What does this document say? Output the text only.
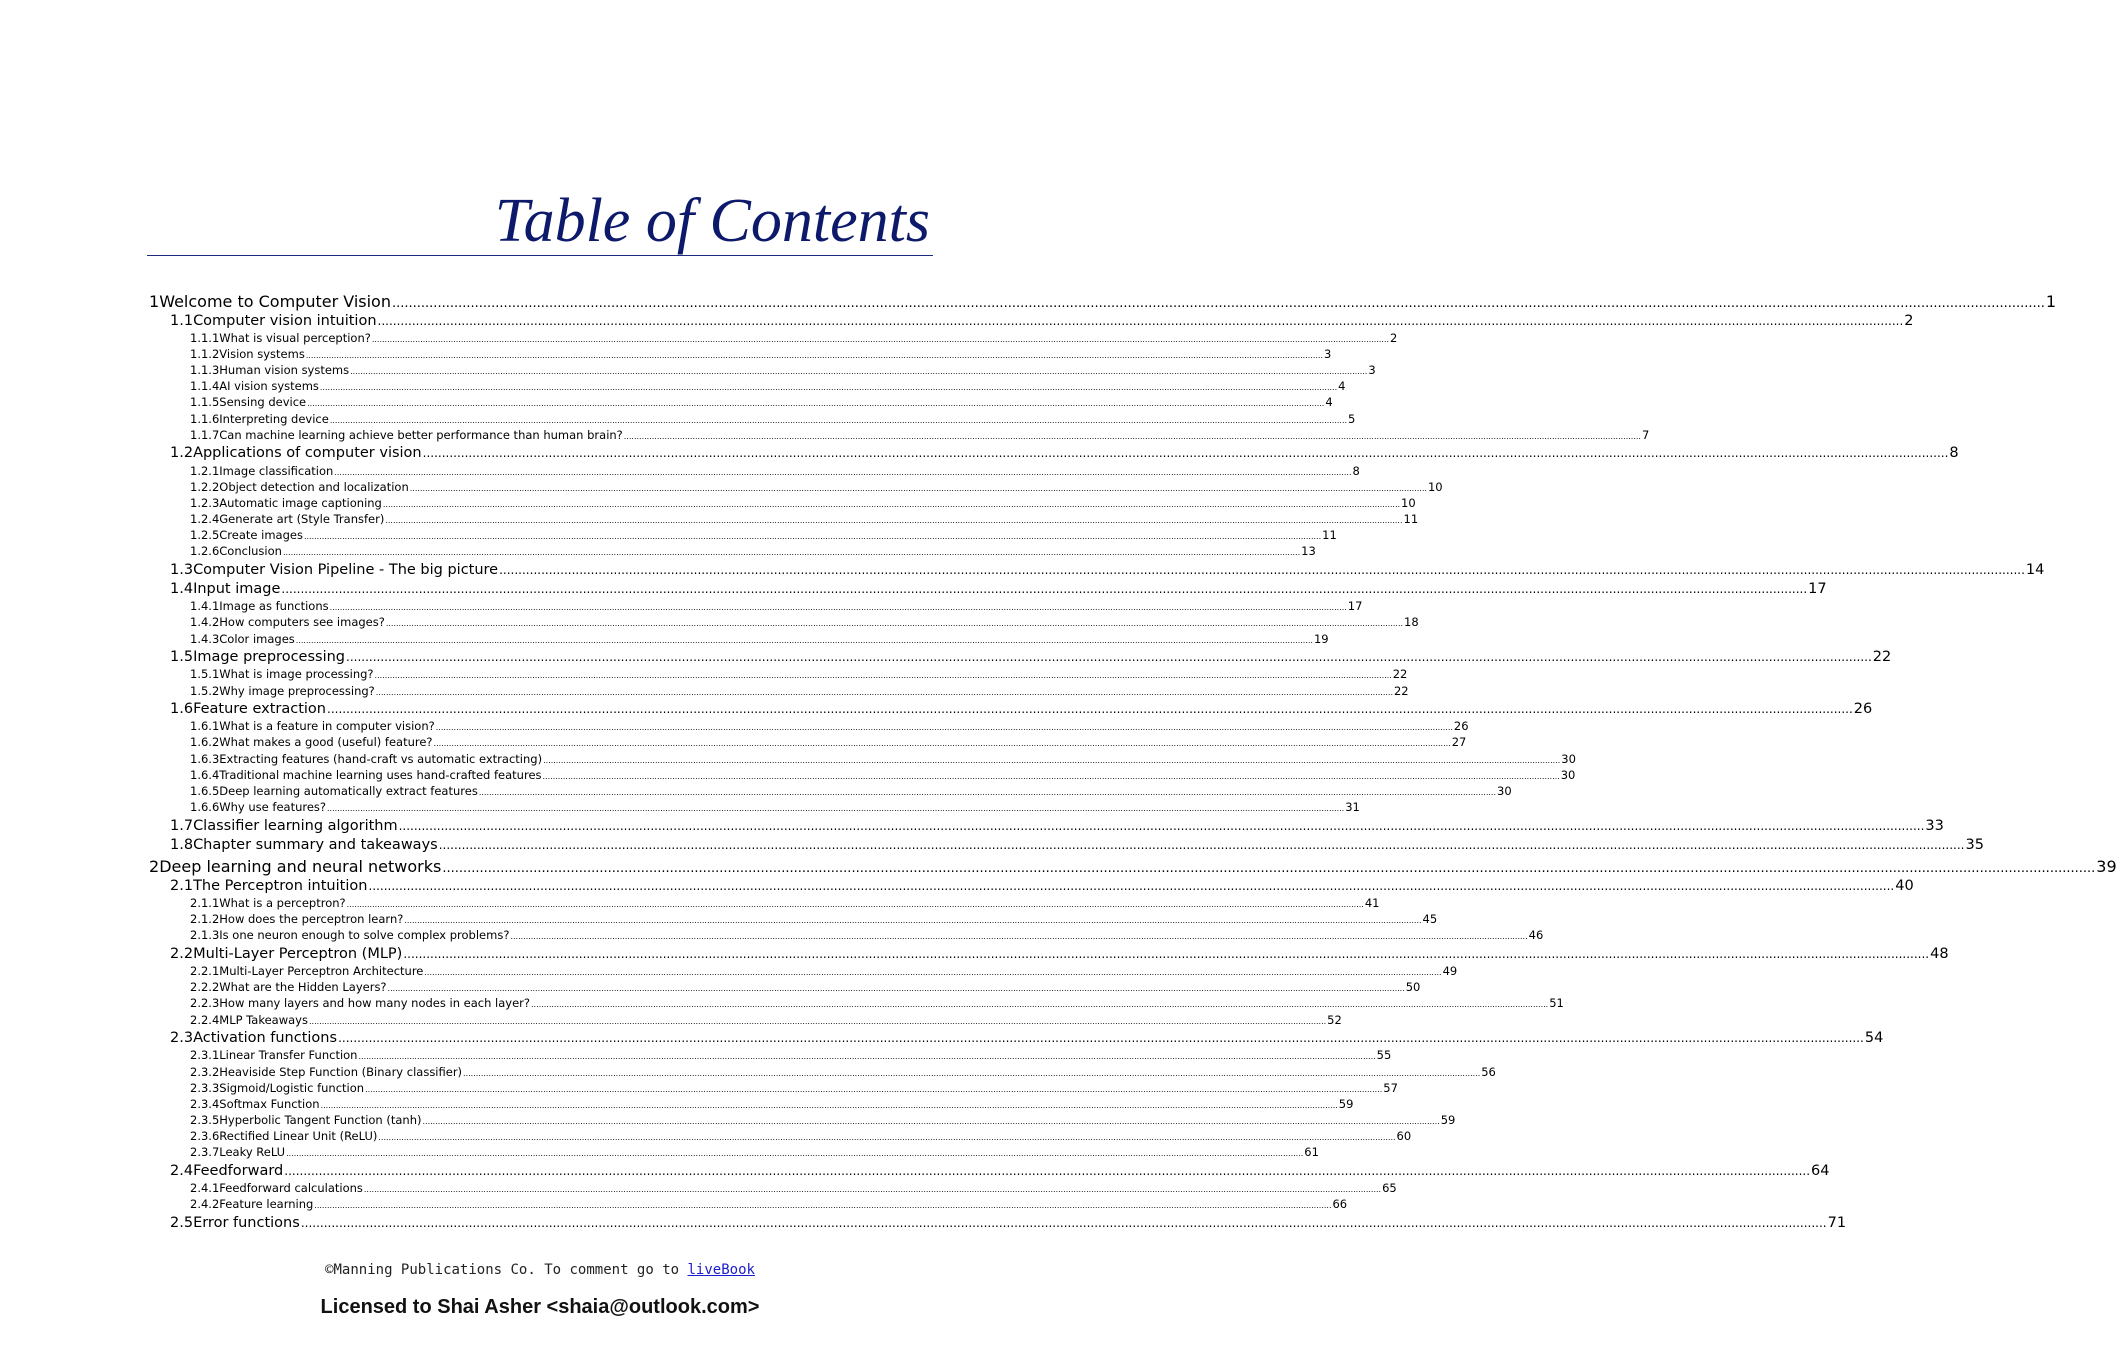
Table of Contents
1 Welcome to Computer Vision ................................................................................................................................................................................................................................................................................................................................................................................................................ 1
1.1 Computer vision intuition ................................................................................................................................................................................................................................................................................................................................................................................................................ 2
1.1.1 What is visual perception? ................................................................................................................................................................................................................................................................................................................................................................................................................ 2
1.1.2 Vision systems ................................................................................................................................................................................................................................................................................................................................................................................................................ 3
1.1.3 Human vision systems ................................................................................................................................................................................................................................................................................................................................................................................................................ 3
1.1.4 AI vision systems ................................................................................................................................................................................................................................................................................................................................................................................................................ 4
1.1.5 Sensing device ................................................................................................................................................................................................................................................................................................................................................................................................................ 4
1.1.6 Interpreting device ................................................................................................................................................................................................................................................................................................................................................................................................................ 5
1.1.7 Can machine learning achieve better performance than human brain? ................................................................................................................................................................................................................................................................................................................................................................................................................ 7
1.2 Applications of computer vision ................................................................................................................................................................................................................................................................................................................................................................................................................ 8
1.2.1 Image classification ................................................................................................................................................................................................................................................................................................................................................................................................................ 8
1.2.2 Object detection and localization ................................................................................................................................................................................................................................................................................................................................................................................................................ 10
1.2.3 Automatic image captioning ................................................................................................................................................................................................................................................................................................................................................................................................................ 10
1.2.4 Generate art (Style Transfer) ................................................................................................................................................................................................................................................................................................................................................................................................................ 11
1.2.5 Create images ................................................................................................................................................................................................................................................................................................................................................................................................................ 11
1.2.6 Conclusion ................................................................................................................................................................................................................................................................................................................................................................................................................ 13
1.3 Computer Vision Pipeline - The big picture ................................................................................................................................................................................................................................................................................................................................................................................................................ 14
1.4 Input image ................................................................................................................................................................................................................................................................................................................................................................................................................ 17
1.4.1 Image as functions ................................................................................................................................................................................................................................................................................................................................................................................................................ 17
1.4.2 How computers see images? ................................................................................................................................................................................................................................................................................................................................................................................................................ 18
1.4.3 Color images ................................................................................................................................................................................................................................................................................................................................................................................................................ 19
1.5 Image preprocessing ................................................................................................................................................................................................................................................................................................................................................................................................................ 22
1.5.1 What is image processing? ................................................................................................................................................................................................................................................................................................................................................................................................................ 22
1.5.2 Why image preprocessing? ................................................................................................................................................................................................................................................................................................................................................................................................................ 22
1.6 Feature extraction ................................................................................................................................................................................................................................................................................................................................................................................................................ 26
1.6.1 What is a feature in computer vision? ................................................................................................................................................................................................................................................................................................................................................................................................................ 26
1.6.2 What makes a good (useful) feature? ................................................................................................................................................................................................................................................................................................................................................................................................................ 27
1.6.3 Extracting features (hand-craft vs automatic extracting) ................................................................................................................................................................................................................................................................................................................................................................................................................ 30
1.6.4 Traditional machine learning uses hand-crafted features ................................................................................................................................................................................................................................................................................................................................................................................................................ 30
1.6.5 Deep learning automatically extract features ................................................................................................................................................................................................................................................................................................................................................................................................................ 30
1.6.6 Why use features? ................................................................................................................................................................................................................................................................................................................................................................................................................ 31
1.7 Classifier learning algorithm ................................................................................................................................................................................................................................................................................................................................................................................................................ 33
1.8 Chapter summary and takeaways ................................................................................................................................................................................................................................................................................................................................................................................................................ 35
2 Deep learning and neural networks ................................................................................................................................................................................................................................................................................................................................................................................................................ 39
2.1 The Perceptron intuition ................................................................................................................................................................................................................................................................................................................................................................................................................ 40
2.1.1 What is a perceptron? ................................................................................................................................................................................................................................................................................................................................................................................................................ 41
2.1.2 How does the perceptron learn? ................................................................................................................................................................................................................................................................................................................................................................................................................ 45
2.1.3 Is one neuron enough to solve complex problems? ................................................................................................................................................................................................................................................................................................................................................................................................................ 46
2.2 Multi-Layer Perceptron (MLP) ................................................................................................................................................................................................................................................................................................................................................................................................................ 48
2.2.1 Multi-Layer Perceptron Architecture ................................................................................................................................................................................................................................................................................................................................................................................................................ 49
2.2.2 What are the Hidden Layers? ................................................................................................................................................................................................................................................................................................................................................................................................................ 50
2.2.3 How many layers and how many nodes in each layer? ................................................................................................................................................................................................................................................................................................................................................................................................................ 51
2.2.4 MLP Takeaways ................................................................................................................................................................................................................................................................................................................................................................................................................ 52
2.3 Activation functions ................................................................................................................................................................................................................................................................................................................................................................................................................ 54
2.3.1 Linear Transfer Function ................................................................................................................................................................................................................................................................................................................................................................................................................ 55
2.3.2 Heaviside Step Function (Binary classifier) ................................................................................................................................................................................................................................................................................................................................................................................................................ 56
2.3.3 Sigmoid/Logistic function ................................................................................................................................................................................................................................................................................................................................................................................................................ 57
2.3.4 Softmax Function ................................................................................................................................................................................................................................................................................................................................................................................................................ 59
2.3.5 Hyperbolic Tangent Function (tanh) ................................................................................................................................................................................................................................................................................................................................................................................................................ 59
2.3.6 Rectified Linear Unit (ReLU) ................................................................................................................................................................................................................................................................................................................................................................................................................ 60
2.3.7 Leaky ReLU ................................................................................................................................................................................................................................................................................................................................................................................................................ 61
2.4 Feedforward ................................................................................................................................................................................................................................................................................................................................................................................................................ 64
2.4.1 Feedforward calculations ................................................................................................................................................................................................................................................................................................................................................................................................................ 65
2.4.2 Feature learning ................................................................................................................................................................................................................................................................................................................................................................................................................ 66
2.5 Error functions ................................................................................................................................................................................................................................................................................................................................................................................................................ 71
©Manning Publications Co. To comment go to liveBook
Licensed to Shai Asher <shaia@outlook.com>
